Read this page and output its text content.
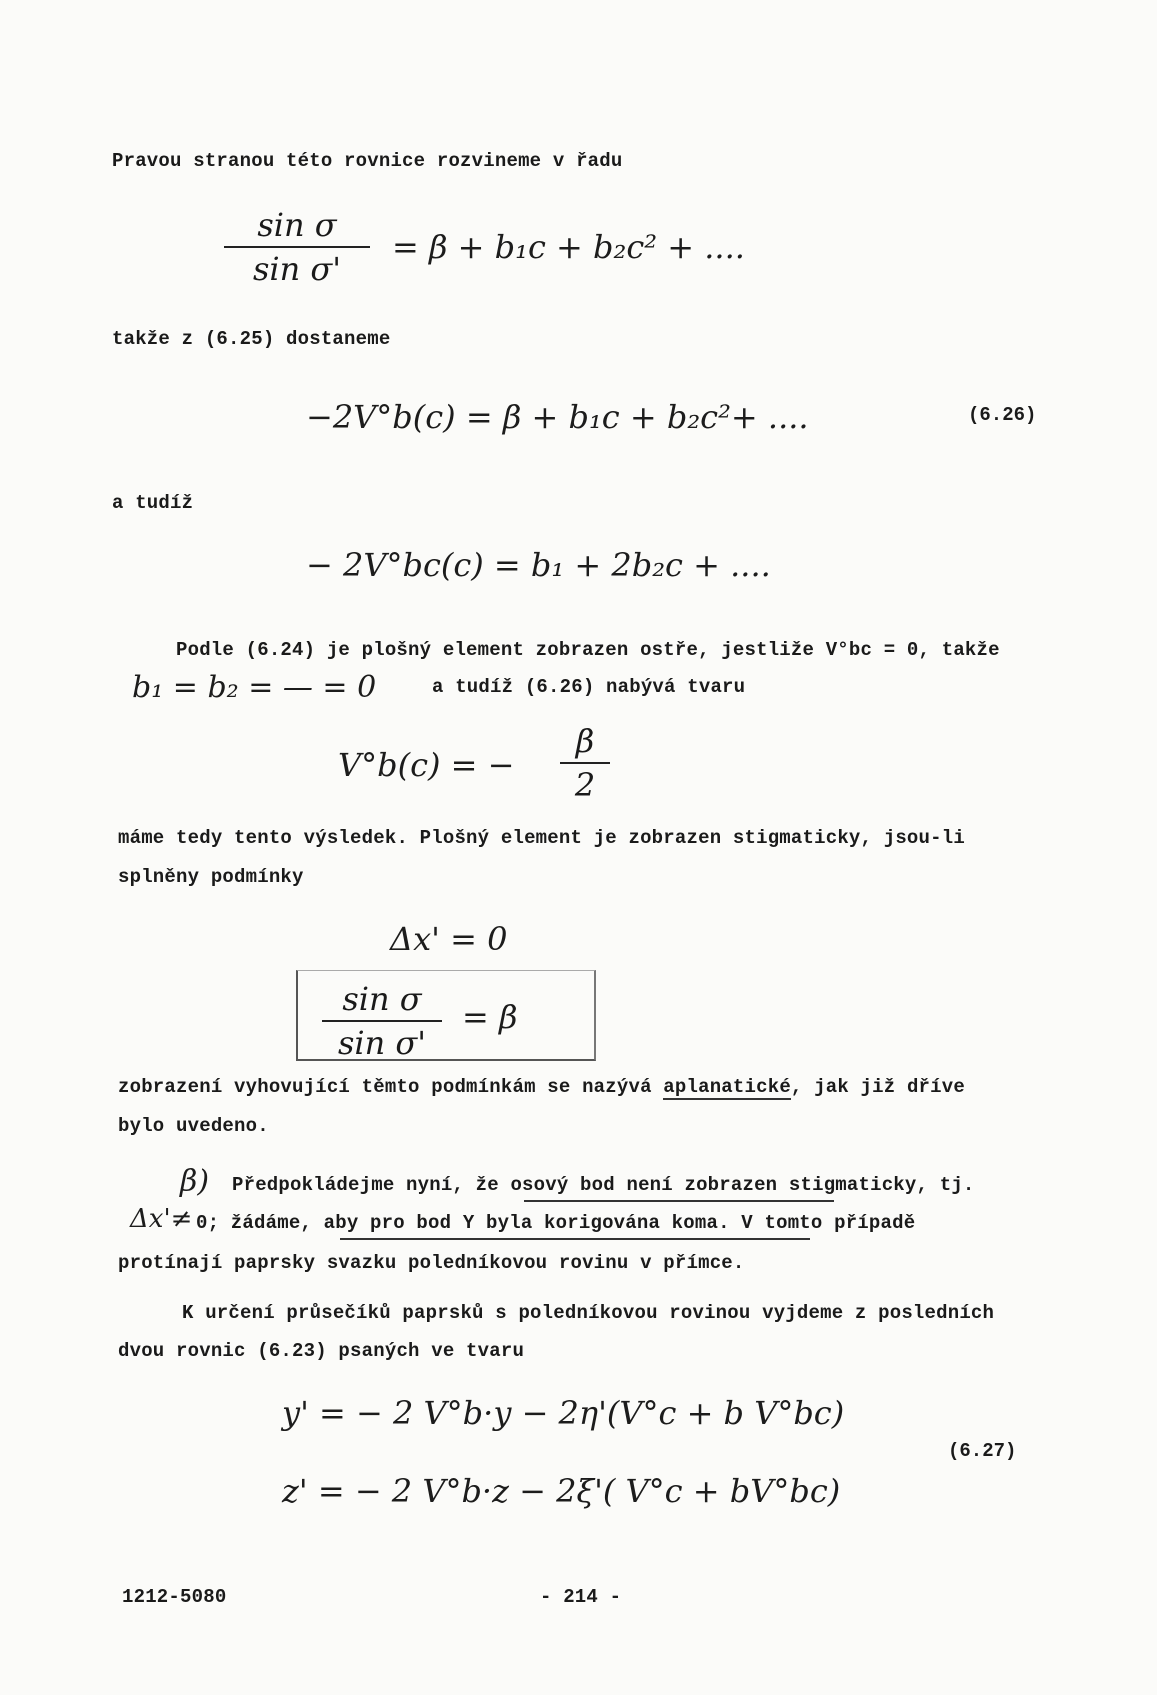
Pravou stranou této rovnice rozvineme v řadu
sin σ
sin σ'
= β + b₁c + b₂c² + ....
takže z (6.25) dostaneme
−2V°b(c) = β + b₁c + b₂c²+ ....	(6.26)
a tudíž
− 2V°bc(c) = b₁ + 2b₂c + ....
Podle (6.24) je plošný element zobrazen ostře, jestliže V°bc = 0, takže
b₁ = b₂ = — = 0	a tudíž (6.26) nabývá tvaru
V°b(c) = −
β
2
máme tedy tento výsledek. Plošný element je zobrazen stigmaticky, jsou-li
splněny podmínky
Δx' = 0
sin σ
sin σ'
= β
zobrazení vyhovující těmto podmínkám se nazývá aplanatické, jak již dříve
bylo uvedeno.
β) Předpokládejme nyní, že osový bod není zobrazen stigmaticky, tj.
Δx'≠ 0; žádáme, aby pro bod Y byla korigována koma. V tomto případě
protínají paprsky svazku poledníkovou rovinu v přímce.
K určení průsečíků paprsků s poledníkovou rovinou vyjdeme z posledních
dvou rovnic (6.23) psaných ve tvaru
y' = − 2 V°b·y − 2η'(V°c + b V°bc)
z' = − 2 V°b·z − 2ξ'( V°c + bV°bc)
(6.27)
1212-5080	- 214 -
